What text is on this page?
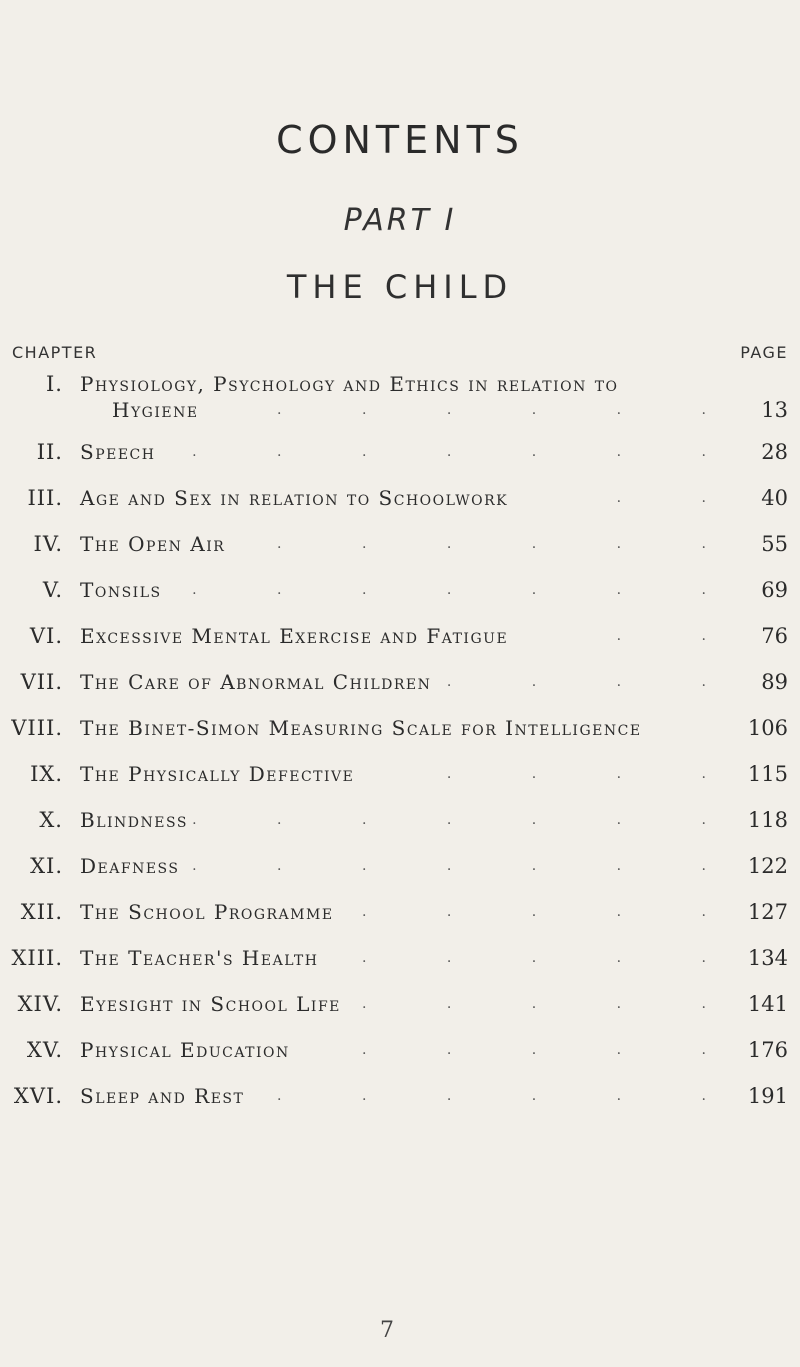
CONTENTS
PART I
THE CHILD
CHAPTER	PAGE
I. Physiology, Psychology and Ethics in relation to
Hygiene
. . . . . . . 13
II. Speech	. . . . . . . 28
III. Age and Sex in relation to Schoolwork	. . 40
IV. The Open Air	. . . . . . 55
V. Tonsils . . . . . . . 69
VI. Excessive Mental Exercise and Fatigue	. . 76
VII. The Care of Abnormal Children . . . . 89
VIII. The Binet-Simon Measuring Scale for Intelligence	106
IX. The Physically Defective	. . . . 115
X. Blindness . . . . . . . 118
XI. Deafness . . . . . . . 122
XII. The School Programme . . . . . 127
XIII. The Teacher's Health	. . . . . 134
XIV. Eyesight in School Life . . . . . 141
XV. Physical Education	. . . . . 176
XVI. Sleep and Rest . . . . . . 191
7
